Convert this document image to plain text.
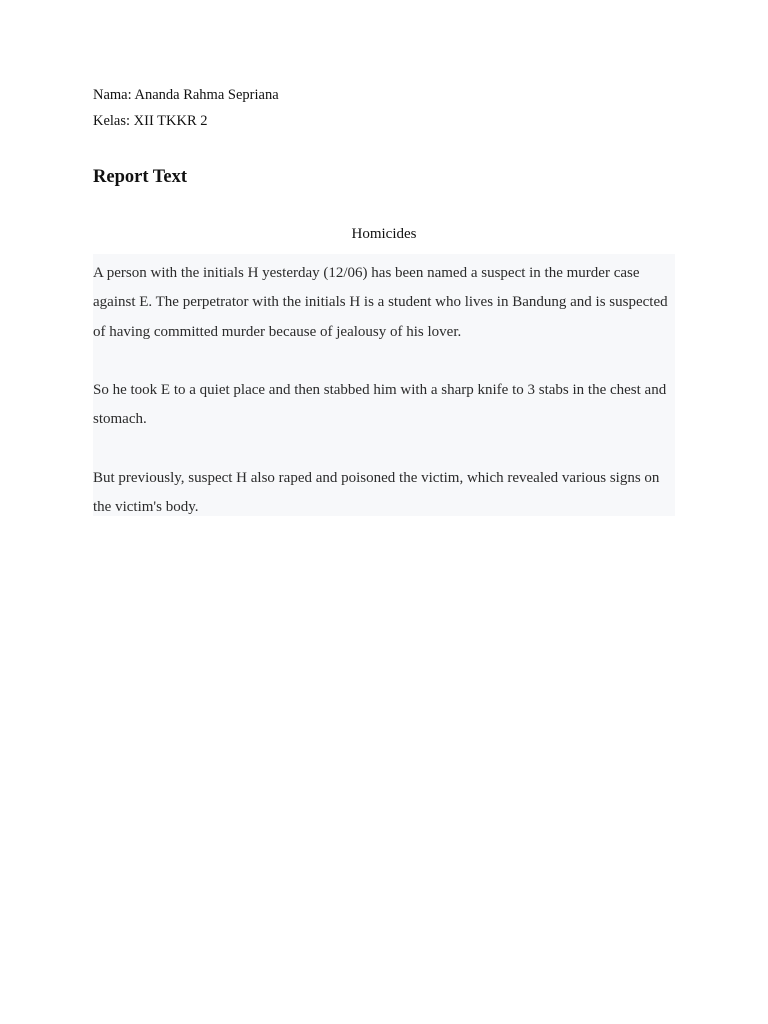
Nama: Ananda Rahma Sepriana
Kelas: XII TKKR 2
Report Text
Homicides

A person with the initials H yesterday (12/06) has been named a suspect in the murder case against E. The perpetrator with the initials H is a student who lives in Bandung and is suspected of having committed murder because of jealousy of his lover.

So he took E to a quiet place and then stabbed him with a sharp knife to 3 stabs in the chest and stomach.

But previously, suspect H also raped and poisoned the victim, which revealed various signs on the victim's body.
